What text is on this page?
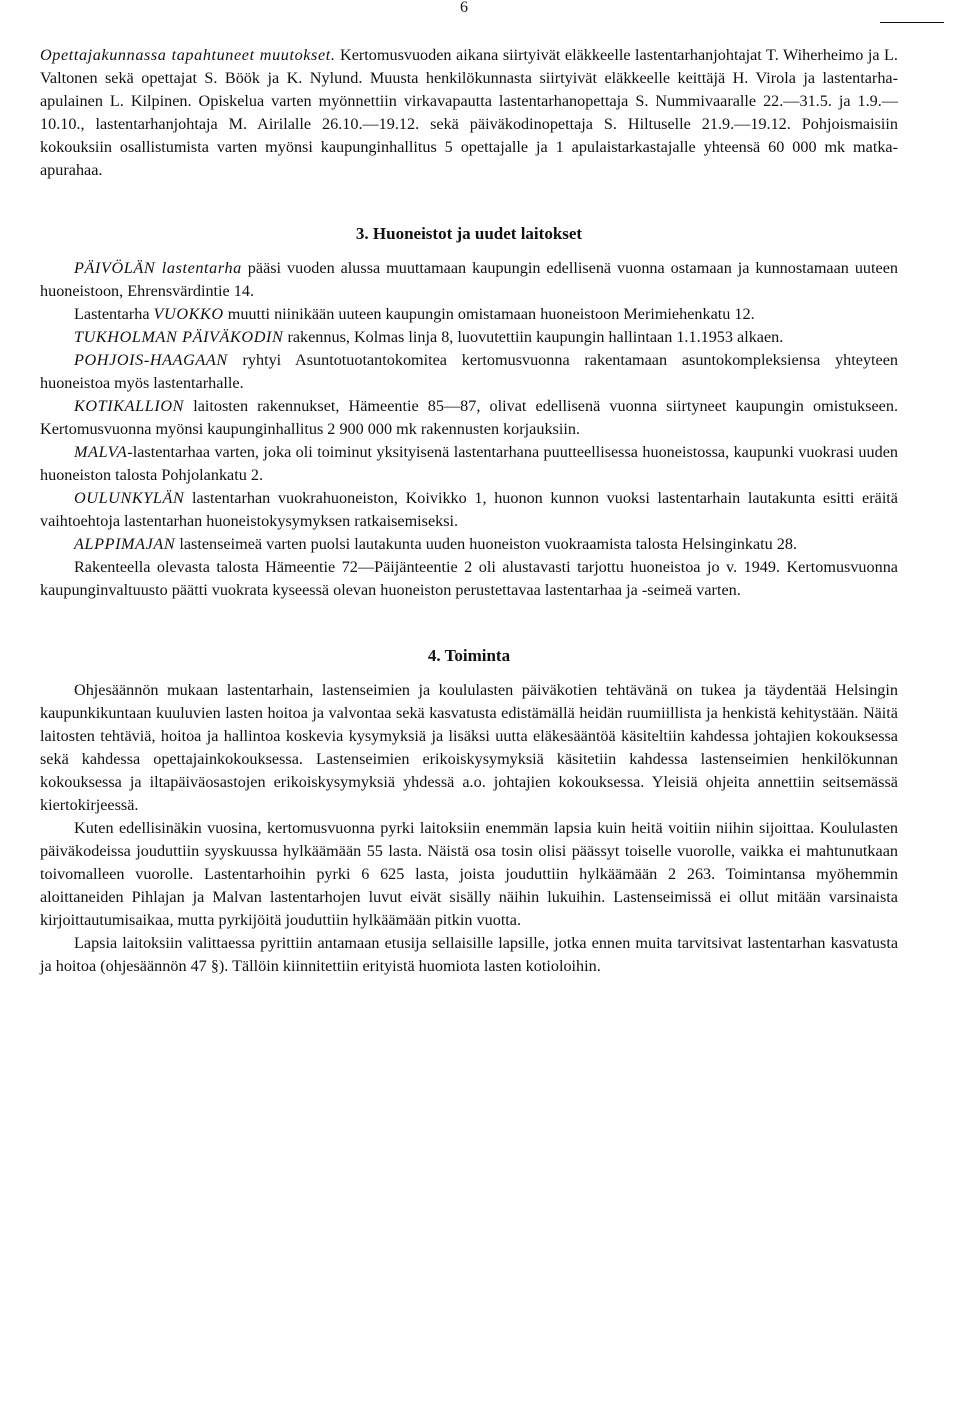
6

Opettajakunnassa tapahtuneet muutokset. Kertomusvuoden aikana siirtyivät eläkkeelle lastentarhanjohtajat T. Wiherheimo ja L. Valtonen sekä opettajat S. Böök ja K. Nylund. Muusta henkilökunnasta siirtyivät eläkkeelle keittäjä H. Virola ja lastentarha-apulainen L. Kilpinen. Opiskelua varten myönnettiin virkavapautta lastentarhanopettaja S. Nummivaaralle 22.—31.5. ja 1.9.—10.10., lastentarhanjohtaja M. Airilalle 26.10.—19.12. sekä päiväkodinopettaja S. Hiltuselle 21.9.—19.12. Pohjoismaisiin kokouksiin osallistumista varten myönsi kaupunginhallitus 5 opettajalle ja 1 apulaistarkastajalle yhteensä 60 000 mk matka-apurahaa.

3. Huoneistot ja uudet laitokset

PÄIVÖLÄN lastentarha pääsi vuoden alussa muuttamaan kaupungin edellisenä vuonna ostamaan ja kunnostamaan uuteen huoneistoon, Ehrensvärdintie 14.

Lastentarha VUOKKO muutti niinikään uuteen kaupungin omistamaan huoneistoon Merimiehenkatu 12.

TUKHOLMAN PÄIVÄKODIN rakennus, Kolmas linja 8, luovutettiin kaupungin hallintaan 1.1.1953 alkaen.

POHJOIS-HAAGAAN ryhtyi Asuntotuotantokomitea kertomusvuonna rakentamaan asuntokompleksiensa yhteyteen huoneistoa myös lastentarhalle.

KOTIKALLION laitosten rakennukset, Hämeentie 85—87, olivat edellisenä vuonna siirtyneet kaupungin omistukseen. Kertomusvuonna myönsi kaupunginhallitus 2 900 000 mk rakennusten korjauksiin.

MALVA-lastentarhaa varten, joka oli toiminut yksityisenä lastentarhana puutteellisessa huoneistossa, kaupunki vuokrasi uuden huoneiston talosta Pohjolankatu 2.

OULUNKYLÄN lastentarhan vuokrahuoneiston, Koivikko 1, huonon kunnon vuoksi lastentarhain lautakunta esitti eräitä vaihtoehtoja lastentarhan huoneistokysymyksen ratkaisemiseksi.

ALPPIMAJAN lastenseimeä varten puolsi lautakunta uuden huoneiston vuokraamista talosta Helsinginkatu 28.

Rakenteella olevasta talosta Hämeentie 72—Päijänteentie 2 oli alustavasti tarjottu huoneistoa jo v. 1949. Kertomusvuonna kaupunginvaltuusto päätti vuokrata kyseessä olevan huoneiston perustettavaa lastentarhaa ja -seimeä varten.

4. Toiminta

Ohjesäännön mukaan lastentarhain, lastenseimien ja koululasten päiväkotien tehtävänä on tukea ja täydentää Helsingin kaupunkikuntaan kuuluvien lasten hoitoa ja valvontaa sekä kasvatusta edistämällä heidän ruumiillista ja henkistä kehitystään. Näitä laitosten tehtäviä, hoitoa ja hallintoa koskevia kysymyksiä ja lisäksi uutta eläkesääntöä käsiteltiin kahdessa johtajien kokouksessa sekä kahdessa opettajainkokouksessa. Lastenseimien erikoiskysymyksiä käsitetiin kahdessa lastenseimien henkilökunnan kokouksessa ja iltapäiväosastojen erikoiskysymyksiä yhdessä a.o. johtajien kokouksessa. Yleisiä ohjeita annettiin seitsemässä kiertokirjeessä.

Kuten edellisinäkin vuosina, kertomusvuonna pyrki laitoksiin enemmän lapsia kuin heitä voitiin niihin sijoittaa. Koululasten päiväkodeissa jouduttiin syyskuussa hylkäämään 55 lasta. Näistä osa tosin olisi päässyt toiselle vuorolle, vaikka ei mahtunutkaan toivomalleen vuorolle. Lastentarhoihin pyrki 6 625 lasta, joista jouduttiin hylkäämään 2 263. Toimintansa myöhemmin aloittaneiden Pihlajan ja Malvan lastentarhojen luvut eivät sisälly näihin lukuihin. Lastenseimissä ei ollut mitään varsinaista kirjoittautumisaikaa, mutta pyrkijöitä jouduttiin hylkäämään pitkin vuotta.

Lapsia laitoksiin valittaessa pyrittiin antamaan etusija sellaisille lapsille, jotka ennen muita tarvitsivat lastentarhan kasvatusta ja hoitoa (ohjesäännön 47 §). Tällöin kiinnitettiin erityistä huomiota lasten kotioloihin.
